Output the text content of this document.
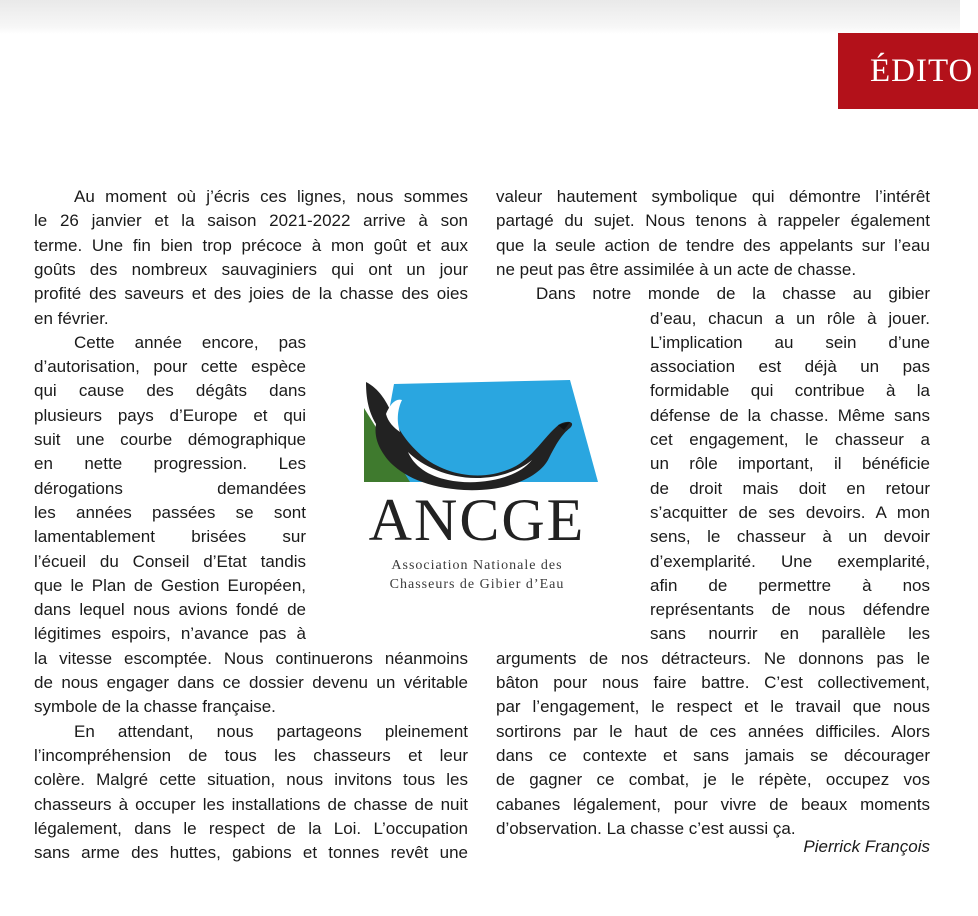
ÉDITO
Au moment où j’écris ces lignes, nous sommes
le 26 janvier et la saison 2021-2022 arrive à son
terme. Une fin bien trop précoce à mon goût et aux
goûts des nombreux sauvaginiers qui ont un jour
profité des saveurs et des joies de la chasse des oies
en février.
Cette année encore, pas
d’autorisation, pour cette espèce
qui cause des dégâts dans
plusieurs pays d’Europe et qui
suit une courbe démographique
en nette progression. Les
dérogations demandées
les années passées se sont
lamentablement brisées sur
l’écueil du Conseil d’Etat tandis
que le Plan de Gestion Européen,
dans lequel nous avions fondé de
légitimes espoirs, n’avance pas à
la vitesse escomptée. Nous continuerons néanmoins
de nous engager dans ce dossier devenu un véritable
symbole de la chasse française.
En attendant, nous partageons pleinement
l’incompréhension de tous les chasseurs et leur
colère. Malgré cette situation, nous invitons tous les
chasseurs à occuper les installations de chasse de nuit
légalement, dans le respect de la Loi. L’occupation
sans arme des huttes, gabions et tonnes revêt une
valeur hautement symbolique qui démontre l’intérêt
partagé du sujet. Nous tenons à rappeler également
que la seule action de tendre des appelants sur l’eau
ne peut pas être assimilée à un acte de chasse.
Dans notre monde de la chasse au gibier
d’eau, chacun a un rôle à jouer.
L’implication au sein d’une
association est déjà un pas
formidable qui contribue à la
défense de la chasse. Même sans
cet engagement, le chasseur a
un rôle important, il bénéficie
de droit mais doit en retour
s’acquitter de ses devoirs. A mon
sens, le chasseur à un devoir
d’exemplarité. Une exemplarité,
afin de permettre à nos
représentants de nous défendre
sans nourrir en parallèle les
arguments de nos détracteurs. Ne donnons pas le
bâton pour nous faire battre. C’est collectivement,
par l’engagement, le respect et le travail que nous
sortirons par le haut de ces années difficiles. Alors
dans ce contexte et sans jamais se décourager
de gagner ce combat, je le répète, occupez vos
cabanes légalement, pour vivre de beaux moments
d’observation. La chasse c’est aussi ça.
Pierrick François
ANCGE
Association Nationale des
Chasseurs de Gibier d’Eau
